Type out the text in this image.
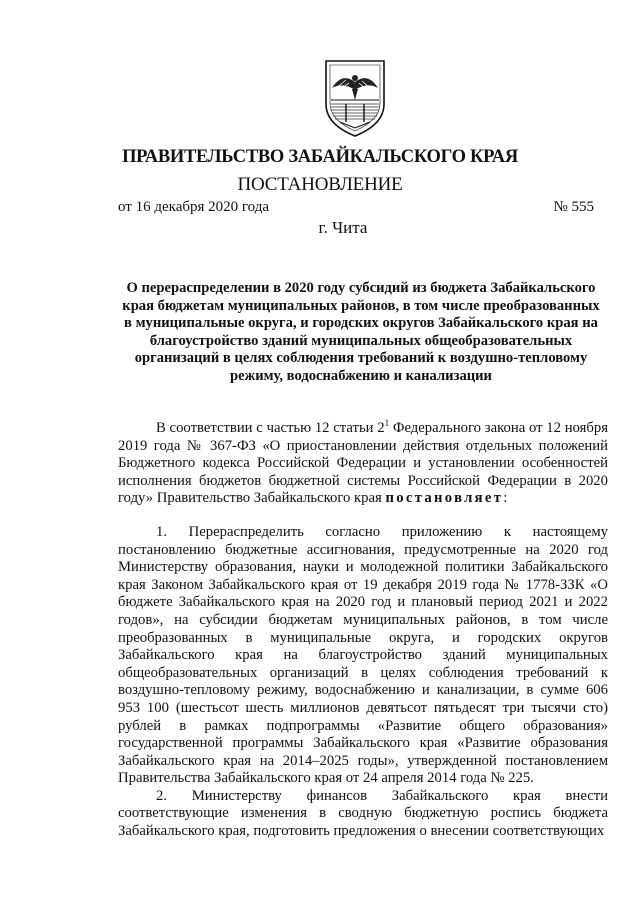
ПРАВИТЕЛЬСТВО ЗАБАЙКАЛЬСКОГО КРАЯ
ПОСТАНОВЛЕНИЕ
от 16 декабря 2020 года	№ 555
г. Чита
О перераспределении в 2020 году субсидий из бюджета Забайкальского края бюджетам муниципальных районов, в том числе преобразованных в муниципальные округа, и городских округов Забайкальского края на благоустройство зданий муниципальных общеобразовательных организаций в целях соблюдения требований к воздушно-тепловому режиму, водоснабжению и канализации

В соответствии с частью 12 статьи $2^1$ Федерального закона от 12 ноября 2019 года № 367-ФЗ «О приостановлении действия отдельных положений Бюджетного кодекса Российской Федерации и установлении особенностей исполнения бюджетов бюджетной системы Российской Федерации в 2020 году» Правительство Забайкальского края постановляет:

1. Перераспределить согласно приложению к настоящему постановлению бюджетные ассигнования, предусмотренные на 2020 год Министерству образования, науки и молодежной политики Забайкальского края Законом Забайкальского края от 19 декабря 2019 года № 1778-ЗЗК «О бюджете Забайкальского края на 2020 год и плановый период 2021 и 2022 годов», на субсидии бюджетам муниципальных районов, в том числе преобразованных в муниципальные округа, и городских округов Забайкальского края на благоустройство зданий муниципальных общеобразовательных организаций в целях соблюдения требований к воздушно-тепловому режиму, водоснабжению и канализации, в сумме 606 953 100 (шестьсот шесть миллионов девятьсот пятьдесят три тысячи сто) рублей в рамках подпрограммы «Развитие общего образования» государственной программы Забайкальского края «Развитие образования Забайкальского края на 2014–2025 годы», утвержденной постановлением Правительства Забайкальского края от 24 апреля 2014 года № 225.

2. Министерству финансов Забайкальского края внести соответствующие изменения в сводную бюджетную роспись бюджета Забайкальского края, подготовить предложения о внесении соответствующих
